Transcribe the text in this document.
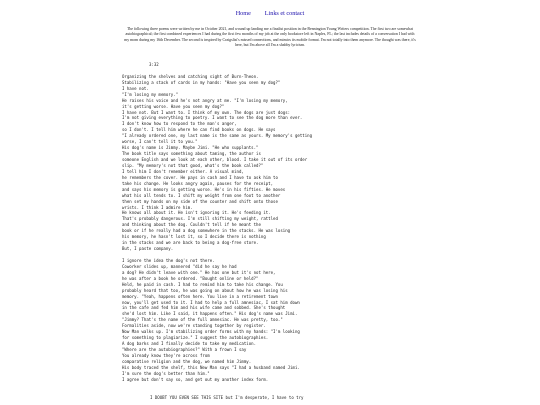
Home Links et contact

The following three poems were written by me in October 2021, and wound up landing me a finalist position in the Bennington Young Writers competition. The first two are somewhat autobiographical; the first combined experiences I had during the first few months of my job at the only bookstore left in Naples, FL; the last includes details of a conversation I had with my mom during my 16th December. The second is inspired by Craigslist's missed connections, and mimics its mobile format. I'm not totally into them anymore. The thought was there, it's here, but I'm above all I'm a shabby lyricism.

3:32
Organizing the shelves and catching sight of Burn-Theon.
Stabilizing a stack of cards in my hands: "Have you seen my dog?"
I have not.
"I'm losing my memory."
He raises his voice and he's not angry at me. "I'm losing my memory,
it's getting worse. Have you seen my dog?"
I have not. But I want to. I think of my own. The dogs are just dogs:
I'm not giving everything to poetry. I want to see the dog more than ever.
I don't know how to respond to the man's anger,
so I don't. I tell him where he can find books on dogs. He says
"I already ordered one, my last name is the same as yours. My memory's getting
worse, I can't tell it to you."
His dog's name is Jimmy. Maybe Jimi. "He who supplants."
The book title says something about taming, the author is
someone English and we look at each other, blood. I take it out of its order
slip. "My memory's not that good, what's the book called?"
I tell him I don't remember either. A visual mind,
he remembers the cover. He pays in cash and I have to ask him to
take his change. He looks angry again, pauses for the receipt,
and says his memory is getting worse. He's in his fifties. He moves
what his all tends to. I shift my weight from one foot to another
then set my hands on my side of the counter and shift onto those
wrists. I think I admire him.
He knows all about it. He isn't ignoring it. He's feeding it.
That's probably dangerous. I'm still shifting my weight, rattled
and thinking about the dog. Couldn't tell if he meant the
book or if he really had a dog somewhere in the stacks. He was losing
his memory, he hasn't lost it, so I decide there is nothing
in the stacks and we are back to being a dog-free store.
But, I paste company.
I ignore the idea the dog's not there.
Coworker slides up, mannered "did he say he had
a dog? He didn't leave with one." He has one but it's not here,
he was after a book he ordered. "Bought online or held?"
Held, he paid in cash. I had to remind him to take his change. You
probably heard that too, he was going on about how he was losing his
memory. "Yeah, happens often here. You live in a retirement town
now, you'll get used to it. I had to help a full amnesiac, I sat him down
in the cafe and fed him and his wife came and sobbed. She's thought
she'd lost him. Like I said, it happens often." His dog's name was Jimi.
"Jimmy? That's the name of the full amnesiac. He was pretty, too."
Formalities aside, now we're standing together by register.
Now Man walks up. I'm stabilizing order forms with my hands: "I'm looking
for something to plagiarize." I suggest the autobiographies.
A dog barks and I finally decide to take my medication.
"Where are the autobiographies?" With a frown I say
You already know they're across from
comparative religion and the dog, we named him Jimmy.
His body traced the shelf, this New Man says "I had a husband named Jimi.
I'm sure the dog's better than him."
I agree but don't say so, and get out my another index form.
I DOUBT YOU EVEN SEE THIS SITE but I'm desperate, I have to try
